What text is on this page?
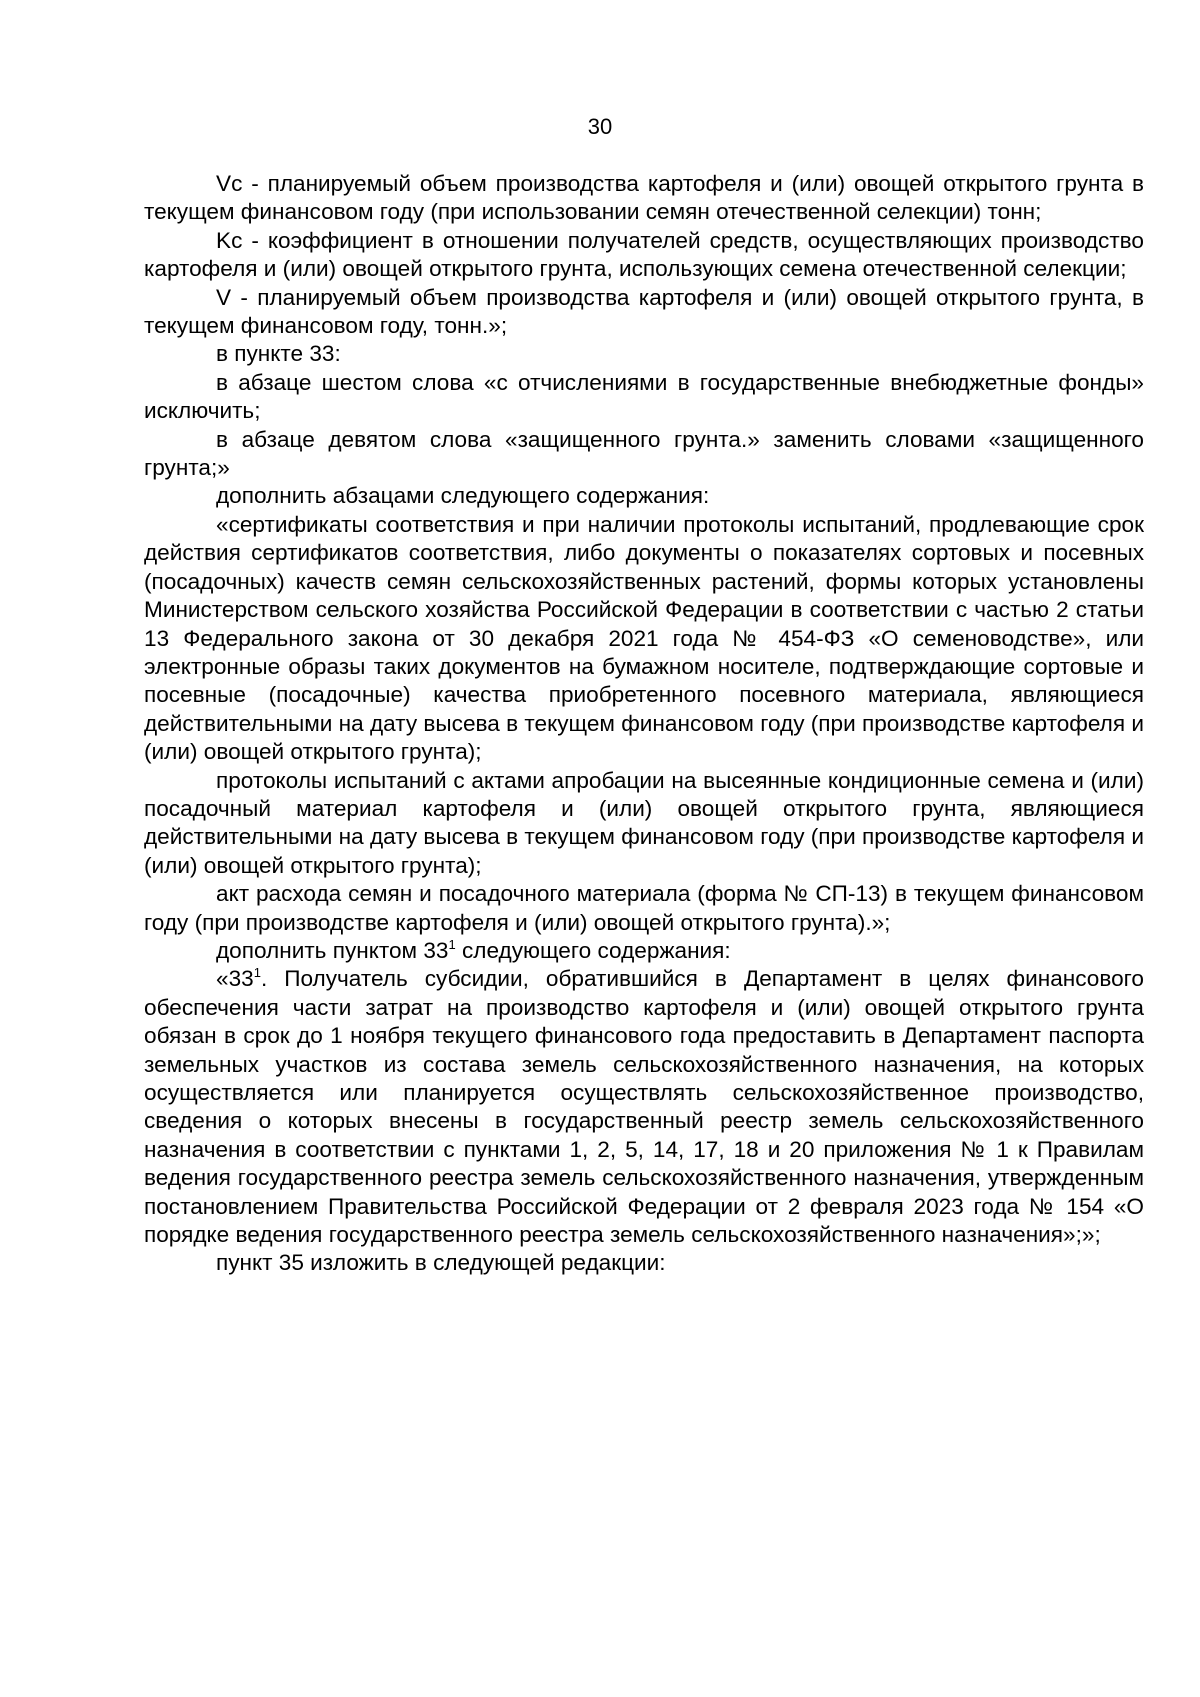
30

Vc - планируемый объем производства картофеля и (или) овощей открытого грунта в текущем финансовом году (при использовании семян отечественной селекции) тонн;

Kc - коэффициент в отношении получателей средств, осуществляющих производство картофеля и (или) овощей открытого грунта, использующих семена отечественной селекции;

V - планируемый объем производства картофеля и (или) овощей открытого грунта, в текущем финансовом году, тонн.»;

в пункте 33:

в абзаце шестом слова «с отчислениями в государственные внебюджетные фонды» исключить;

в абзаце девятом слова «защищенного грунта.» заменить словами «защищенного грунта;»

дополнить абзацами следующего содержания:

«сертификаты соответствия и при наличии протоколы испытаний, продлевающие срок действия сертификатов соответствия, либо документы о показателях сортовых и посевных (посадочных) качеств семян сельскохозяйственных растений, формы которых установлены Министерством сельского хозяйства Российской Федерации в соответствии с частью 2 статьи 13 Федерального закона от 30 декабря 2021 года № 454-ФЗ «О семеноводстве», или электронные образы таких документов на бумажном носителе, подтверждающие сортовые и посевные (посадочные) качества приобретенного посевного материала, являющиеся действительными на дату высева в текущем финансовом году (при производстве картофеля и (или) овощей открытого грунта);

протоколы испытаний с актами апробации на высеянные кондиционные семена и (или) посадочный материал картофеля и (или) овощей открытого грунта, являющиеся действительными на дату высева в текущем финансовом году (при производстве картофеля и (или) овощей открытого грунта);

акт расхода семян и посадочного материала (форма № СП-13) в текущем финансовом году (при производстве картофеля и (или) овощей открытого грунта).»;

дополнить пунктом $33^1$ следующего содержания:

«$33^1$. Получатель субсидии, обратившийся в Департамент в целях финансового обеспечения части затрат на производство картофеля и (или) овощей открытого грунта обязан в срок до 1 ноября текущего финансового года предоставить в Департамент паспорта земельных участков из состава земель сельскохозяйственного назначения, на которых осуществляется или планируется осуществлять сельскохозяйственное производство, сведения о которых внесены в государственный реестр земель сельскохозяйственного назначения в соответствии с пунктами 1, 2, 5, 14, 17, 18 и 20 приложения № 1 к Правилам ведения государственного реестра земель сельскохозяйственного назначения, утвержденным постановлением Правительства Российской Федерации от 2 февраля 2023 года № 154 «О порядке ведения государственного реестра земель сельскохозяйственного назначения»;»;

пункт 35 изложить в следующей редакции:
